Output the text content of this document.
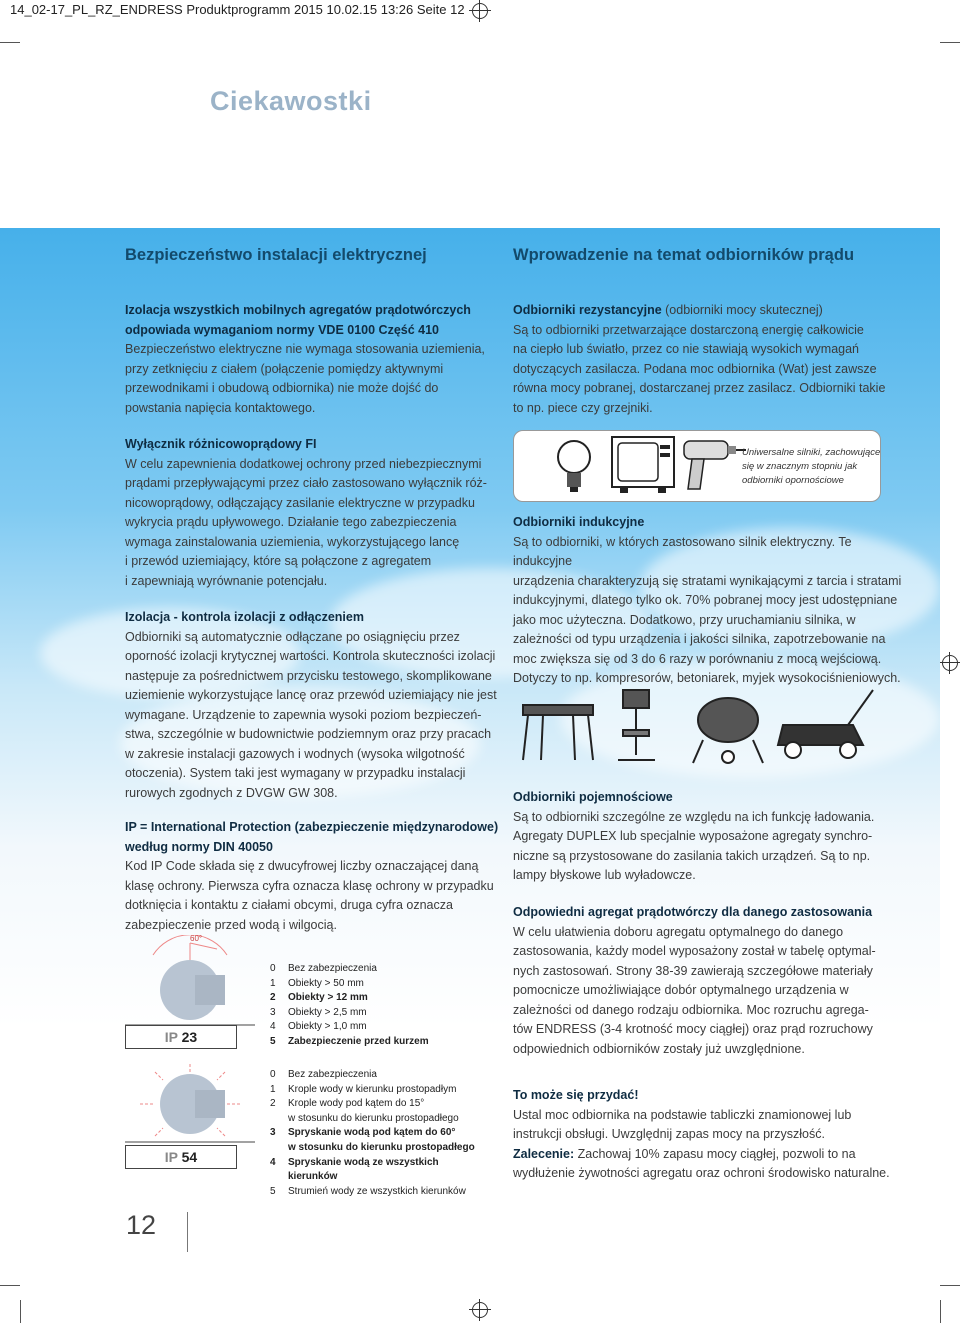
14_02-17_PL_RZ_ENDRESS Produktprogramm 2015 10.02.15 13:26 Seite 12
Ciekawostki
Bezpieczeństwo instalacji elektrycznej

Izolacja wszystkich mobilnych agregatów prądotwórczych

odpowiada wymaganiom normy VDE 0100 Część 410

Bezpieczeństwo elektryczne nie wymaga stosowania uziemienia,

przy zetknięciu z ciałem (połączenie pomiędzy aktywnymi

przewodnikami i obudową odbiornika) nie może dojść do

powstania napięcia kontaktowego.

Wyłącznik różnicowoprądowy FI

W celu zapewnienia dodatkowej ochrony przed niebezpiecznymi

prądami przepływającymi przez ciało zastosowano wyłącznik róż-

nicowoprądowy, odłączający zasilanie elektryczne w przypadku

wykrycia prądu upływowego. Działanie tego zabezpieczenia

wymaga zainstalowania uziemienia, wykorzystującego lancę

i przewód uziemiający, które są połączone z agregatem

i zapewniają wyrównanie potencjału.

Izolacja - kontrola izolacji z odłączeniem

Odbiorniki są automatycznie odłączane po osiągnięciu przez

oporność izolacji krytycznej wartości. Kontrola skuteczności izolacji

następuje za pośrednictwem przycisku testowego, skomplikowane

uziemienie wykorzystujące lancę oraz przewód uziemiający nie jest

wymagane. Urządzenie to zapewnia wysoki poziom bezpieczeń-

stwa, szczególnie w budownictwie podziemnym oraz przy pracach

w zakresie instalacji gazowych i wodnych (wysoka wilgotność

otoczenia). System taki jest wymagany w przypadku instalacji

rurowych zgodnych z DVGW GW 308.

IP = International Protection (zabezpieczenie międzynarodowe)

według normy DIN 40050

Kod IP Code składa się z dwucyfrowej liczby oznaczającej daną

klasę ochrony. Pierwsza cyfra oznacza klasę ochrony w przypadku

dotknięcia i kontaktu z ciałami obcymi, druga cyfra oznacza

zabezpieczenie przed wodą i wilgocią.

60°
IP 23
IP 54
0	Bez zabezpieczenia
1	Obiekty > 50 mm
2	Obiekty > 12 mm
3	Obiekty > 2,5 mm
4	Obiekty > 1,0 mm
5	Zabezpieczenie przed kurzem
0	Bez zabezpieczenia
1	Krople wody w kierunku prostopadłym
2	Krople wody pod kątem do 15°
w stosunku do kierunku prostopadłego
3	Spryskanie wodą pod kątem do 60°
w stosunku do kierunku prostopadłego
4	Spryskanie wodą ze wszystkich
kierunków
5	Strumień wody ze wszystkich kierunków
Wprowadzenie na temat odbiorników prądu

Odbiorniki rezystancyjne (odbiorniki mocy skutecznej)

Są to odbiorniki przetwarzające dostarczoną energię całkowicie

na ciepło lub światło, przez co nie stawiają wysokich wymagań

dotyczących zasilacza. Podana moc odbiornika (Wat) jest zawsze

równa mocy pobranej, dostarczanej przez zasilacz. Odbiorniki takie

to np. piece czy grzejniki.

Uniwersalne silniki, zachowujące

się w znacznym stopniu jak

odbiorniki opornościowe

Odbiorniki indukcyjne

Są to odbiorniki, w których zastosowano silnik elektryczny. Te indukcyjne

urządzenia charakteryzują się stratami wynikającymi z tarcia i stratami

indukcyjnymi, dlatego tylko ok. 70% pobranej mocy jest udostępniane

jako moc użyteczna. Dodatkowo, przy uruchamianiu silnika, w

zależności od typu urządzenia i jakości silnika, zapotrzebowanie na

moc zwiększa się od 3 do 6 razy w porównaniu z mocą wejściową.

Dotyczy to np. kompresorów, betoniarek, myjek wysokociśnieniowych.

Odbiorniki pojemnościowe

Są to odbiorniki szczególne ze względu na ich funkcję ładowania.

Agregaty DUPLEX lub specjalnie wyposażone agregaty synchro-

niczne są przystosowane do zasilania takich urządzeń. Są to np.

lampy błyskowe lub wyładowcze.

Odpowiedni agregat prądotwórczy dla danego zastosowania

W celu ułatwienia doboru agregatu optymalnego do danego

zastosowania, każdy model wyposażony został w tabelę optymal-

nych zastosowań. Strony 38-39 zawierają szczegółowe materiały

pomocnicze umożliwiające dobór optymalnego urządzenia w

zależności od danego rodzaju odbiornika. Moc rozruchu agrega-

tów ENDRESS (3-4 krotność mocy ciągłej) oraz prąd rozruchowy

odpowiednich odbiorników zostały już uwzględnione.

To może się przydać!

Ustal moc odbiornika na podstawie tabliczki znamionowej lub

instrukcji obsługi. Uwzględnij zapas mocy na przyszłość.

Zalecenie: Zachowaj 10% zapasu mocy ciągłej, pozwoli to na

wydłużenie żywotności agregatu oraz ochroni środowisko naturalne.

12
